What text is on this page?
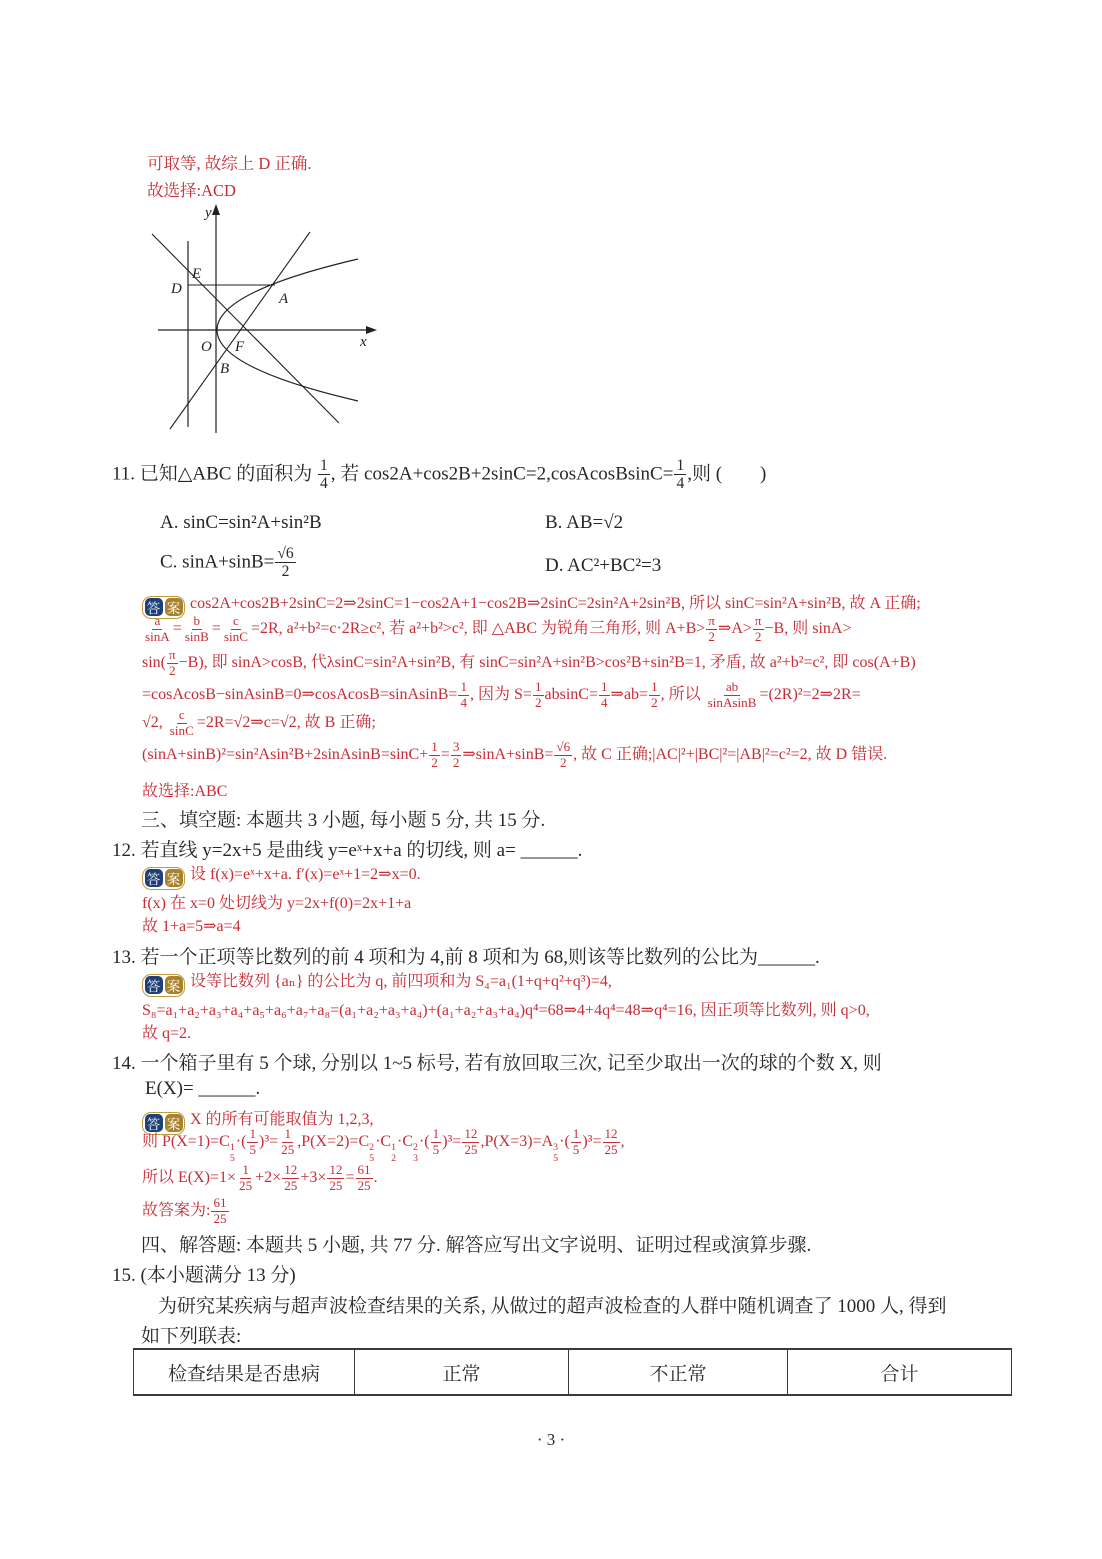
可取等, 故综上 D 正确.
故选择:ACD
y
x
E
D
A
O F
B
11. 已知△ABC 的面积为 $\frac{1}{4}$ , 若 cos2A+cos2B+2sinC=2,cosAcosBsinC= $\frac{1}{4}$ ,则 (　　)
A. sinC=sin²A+sin²B	B. AB=√2
C. $\sin A+\sin B= \frac{√6}{2}$	D. AC²+BC²=3
答 案 cos2A+cos2B+2sinC=2⇒2sinC=1−cos2A+1−cos2B⇒2sinC=2sin²A+2sin²B, 所以 sinC=sin²A+sin²B, 故 A 正确;
$\frac{a}{\sin A} = \frac{b}{\sin B} = \frac{c}{\sin C} =2R$, a²+b²=c·2R≥c², 若 a²+b²>c², 即 △ABC 为锐角三角形, 则 $A+B> \frac{\pi}{2}$ ⇒A> $\frac{\pi}{2} -B$, 则 sinA>
$\sin( \frac{\pi}{2} -B)$, 即 sinA>cosB, 代λsinC=sin²A+sin²B, 有 sinC=sin²A+sin²B>cos²B+sin²B=1, 矛盾, 故 a²+b²=c², 即 cos(A+B)
=cosAcosB−sinAsinB=0⇒cosAcosB=sinAsinB= $\frac{1}{4}$ , 因为 $S= \frac{1}{2} absinC= \frac{1}{4}$ ⇒ab= $\frac{1}{2}$ , 所以 $\frac{ab}{\text{sinAsinB}}$ =(2R)²=2⇒2R=
√2, $\frac{c}{\sin C}$ =2R=√2⇒c=√2, 故 B 正确;
(sinA+sinB)²=sin²Asin²B+2sinAsinB=sinC+ $\frac{1}{2} = \frac{3}{2}$ ⇒sinA+sinB= $\frac{√6}{2}$ , 故 C 正确;|AC|²+|BC|²=|AB|²=c²=2, 故 D 错误.
故选择:ABC
三、填空题: 本题共 3 小题, 每小题 5 分, 共 15 分.
12. 若直线 y=2x+5 是曲线 y=eˣ+x+a 的切线, 则 a= ______.
答 案 设 f(x)=eˣ+x+a. f′(x)=eˣ+1=2⇒x=0.
f(x) 在 x=0 处切线为 y=2x+f(0)=2x+1+a
故 1+a=5⇒a=4
13. 若一个正项等比数列的前 4 项和为 4,前 8 项和为 68,则该等比数列的公比为______.
答 案 设等比数列 {aₙ} 的公比为 q, 前四项和为 S₄=a₁(1+q+q²+q³)=4,
S₈=a₁+a₂+a₃+a₄+a₅+a₆+a₇+a₈=(a₁+a₂+a₃+a₄)+(a₁+a₂+a₃+a₄)q⁴=68⇒4+4q⁴=48⇒q⁴=16, 因正项等比数列, 则 q>0,
故 q=2.
14. 一个箱子里有 5 个球, 分别以 1~5 标号, 若有放回取三次, 记至少取出一次的球的个数 X, 则
E(X)= ______.
答 案 X 的所有可能取值为 1,2,3,
则 P(X=1)=C 1
5
·( $\frac{1}{5} )^3= \frac{1}{25} ,P(X=2)=C$ 2
5
·C 1
2
·C 2
3
·( $\frac{1}{5} )^3= \frac{12}{25} ,P(X=3)=A$ 3
5
·( $\frac{1}{5} )^3= \frac{12}{25}$ ,
所以 $E(X)=1\times \frac{1}{25} +2\times \frac{12}{25} +3\times \frac{12}{25} = \frac{61}{25}$ .
故答案为: $\frac{61}{25}$
四、解答题: 本题共 5 小题, 共 77 分. 解答应写出文字说明、证明过程或演算步骤.
15. (本小题满分 13 分)
为研究某疾病与超声波检查结果的关系, 从做过的超声波检查的人群中随机调查了 1000 人, 得到
如下列联表:
检查结果是否患病	正常	不正常	合计
· 3 ·
